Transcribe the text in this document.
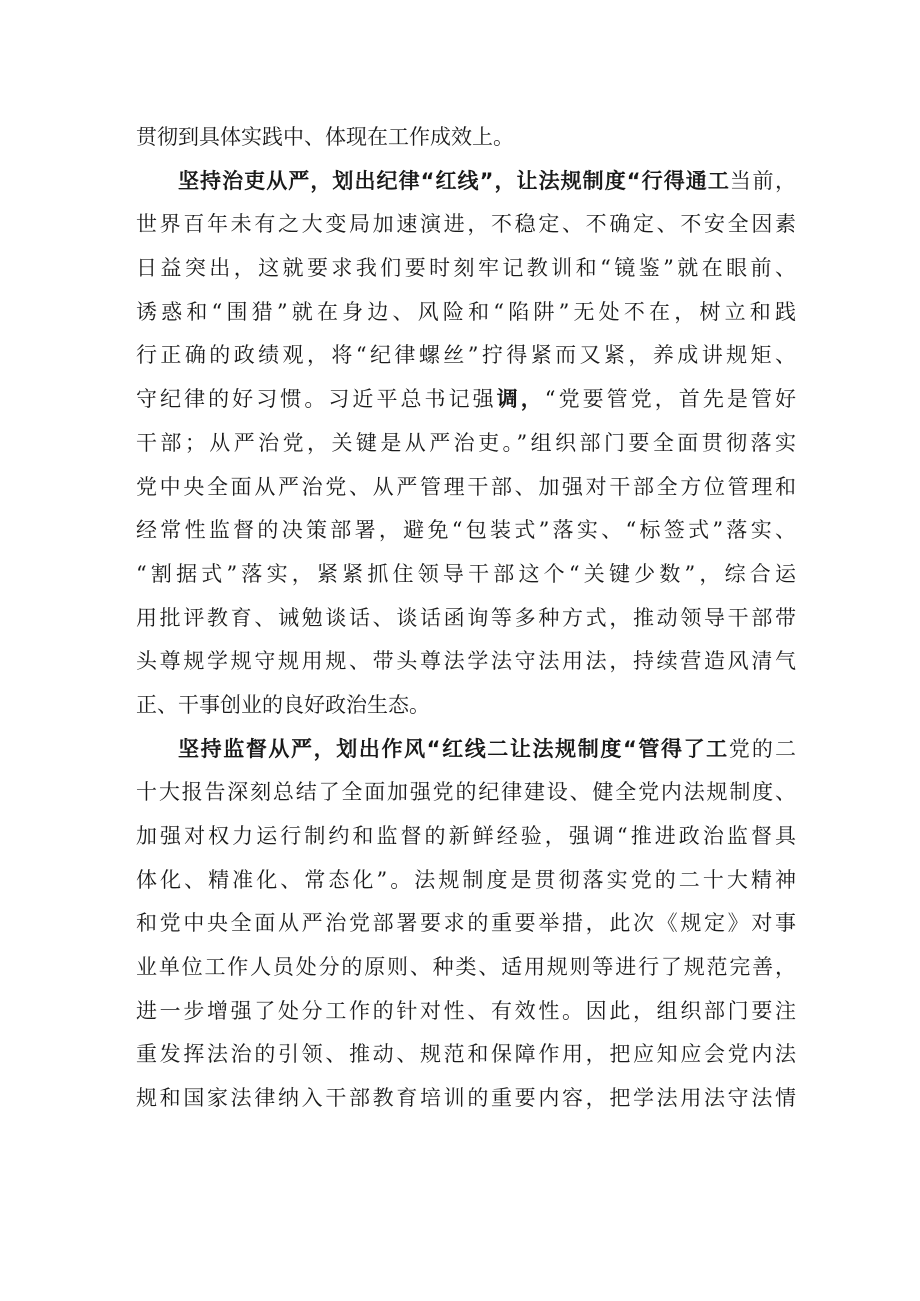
贯彻到具体实践中、体现在工作成效上。
坚持治吏从严，划出纪律“红线”，让法规制度“行得通工当前，
世界百年未有之大变局加速演进，不稳定、不确定、不安全因素
日益突出，这就要求我们要时刻牢记教训和“镜鉴”就在眼前、
诱惑和“围猎”就在身边、风险和“陷阱”无处不在，树立和践
行正确的政绩观，将“纪律螺丝”拧得紧而又紧，养成讲规矩、
守纪律的好习惯。习近平总书记强调，“党要管党，首先是管好
干部；从严治党，关键是从严治吏。”组织部门要全面贯彻落实
党中央全面从严治党、从严管理干部、加强对干部全方位管理和
经常性监督的决策部署，避免“包装式”落实、“标签式”落实、
“割据式”落实，紧紧抓住领导干部这个“关键少数”，综合运
用批评教育、诫勉谈话、谈话函询等多种方式，推动领导干部带
头尊规学规守规用规、带头尊法学法守法用法，持续营造风清气
正、干事创业的良好政治生态。
坚持监督从严，划出作风“红线二让法规制度“管得了工党的二
十大报告深刻总结了全面加强党的纪律建设、健全党内法规制度、
加强对权力运行制约和监督的新鲜经验，强调“推进政治监督具
体化、精准化、常态化”。法规制度是贯彻落实党的二十大精神
和党中央全面从严治党部署要求的重要举措，此次《规定》对事
业单位工作人员处分的原则、种类、适用规则等进行了规范完善，
进一步增强了处分工作的针对性、有效性。因此，组织部门要注
重发挥法治的引领、推动、规范和保障作用，把应知应会党内法
规和国家法律纳入干部教育培训的重要内容，把学法用法守法情
